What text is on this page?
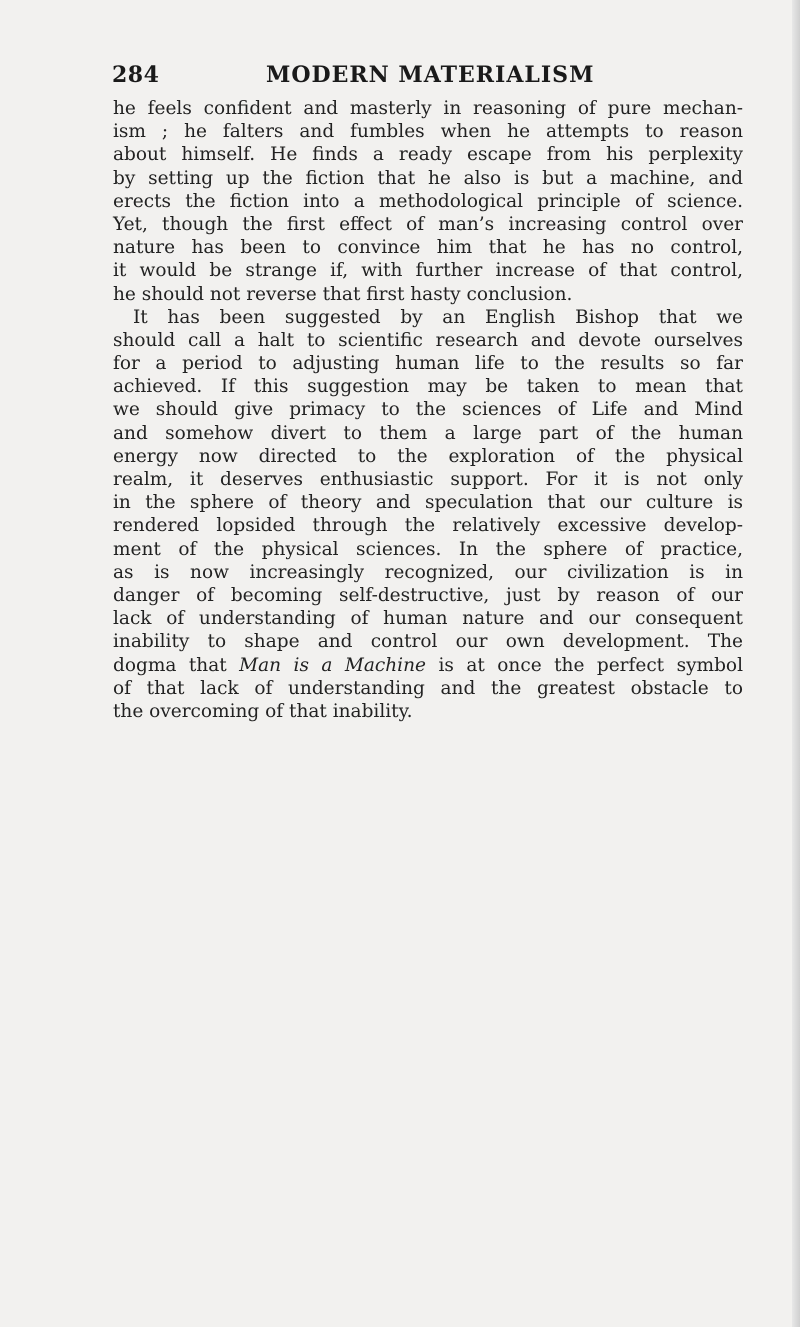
284	MODERN MATERIALISM
he feels confident and masterly in reasoning of pure mechan-
ism ; he falters and fumbles when he attempts to reason
about himself. He finds a ready escape from his perplexity
by setting up the fiction that he also is but a machine, and
erects the fiction into a methodological principle of science.
Yet, though the first effect of man’s increasing control over
nature has been to convince him that he has no control,
it would be strange if, with further increase of that control,
he should not reverse that first hasty conclusion.
It has been suggested by an English Bishop that we
should call a halt to scientific research and devote ourselves
for a period to adjusting human life to the results so far
achieved. If this suggestion may be taken to mean that
we should give primacy to the sciences of Life and Mind
and somehow divert to them a large part of the human
energy now directed to the exploration of the physical
realm, it deserves enthusiastic support. For it is not only
in the sphere of theory and speculation that our culture is
rendered lopsided through the relatively excessive develop-
ment of the physical sciences. In the sphere of practice,
as is now increasingly recognized, our civilization is in
danger of becoming self-destructive, just by reason of our
lack of understanding of human nature and our consequent
inability to shape and control our own development. The
dogma that Man is a Machine is at once the perfect symbol
of that lack of understanding and the greatest obstacle to
the overcoming of that inability.
